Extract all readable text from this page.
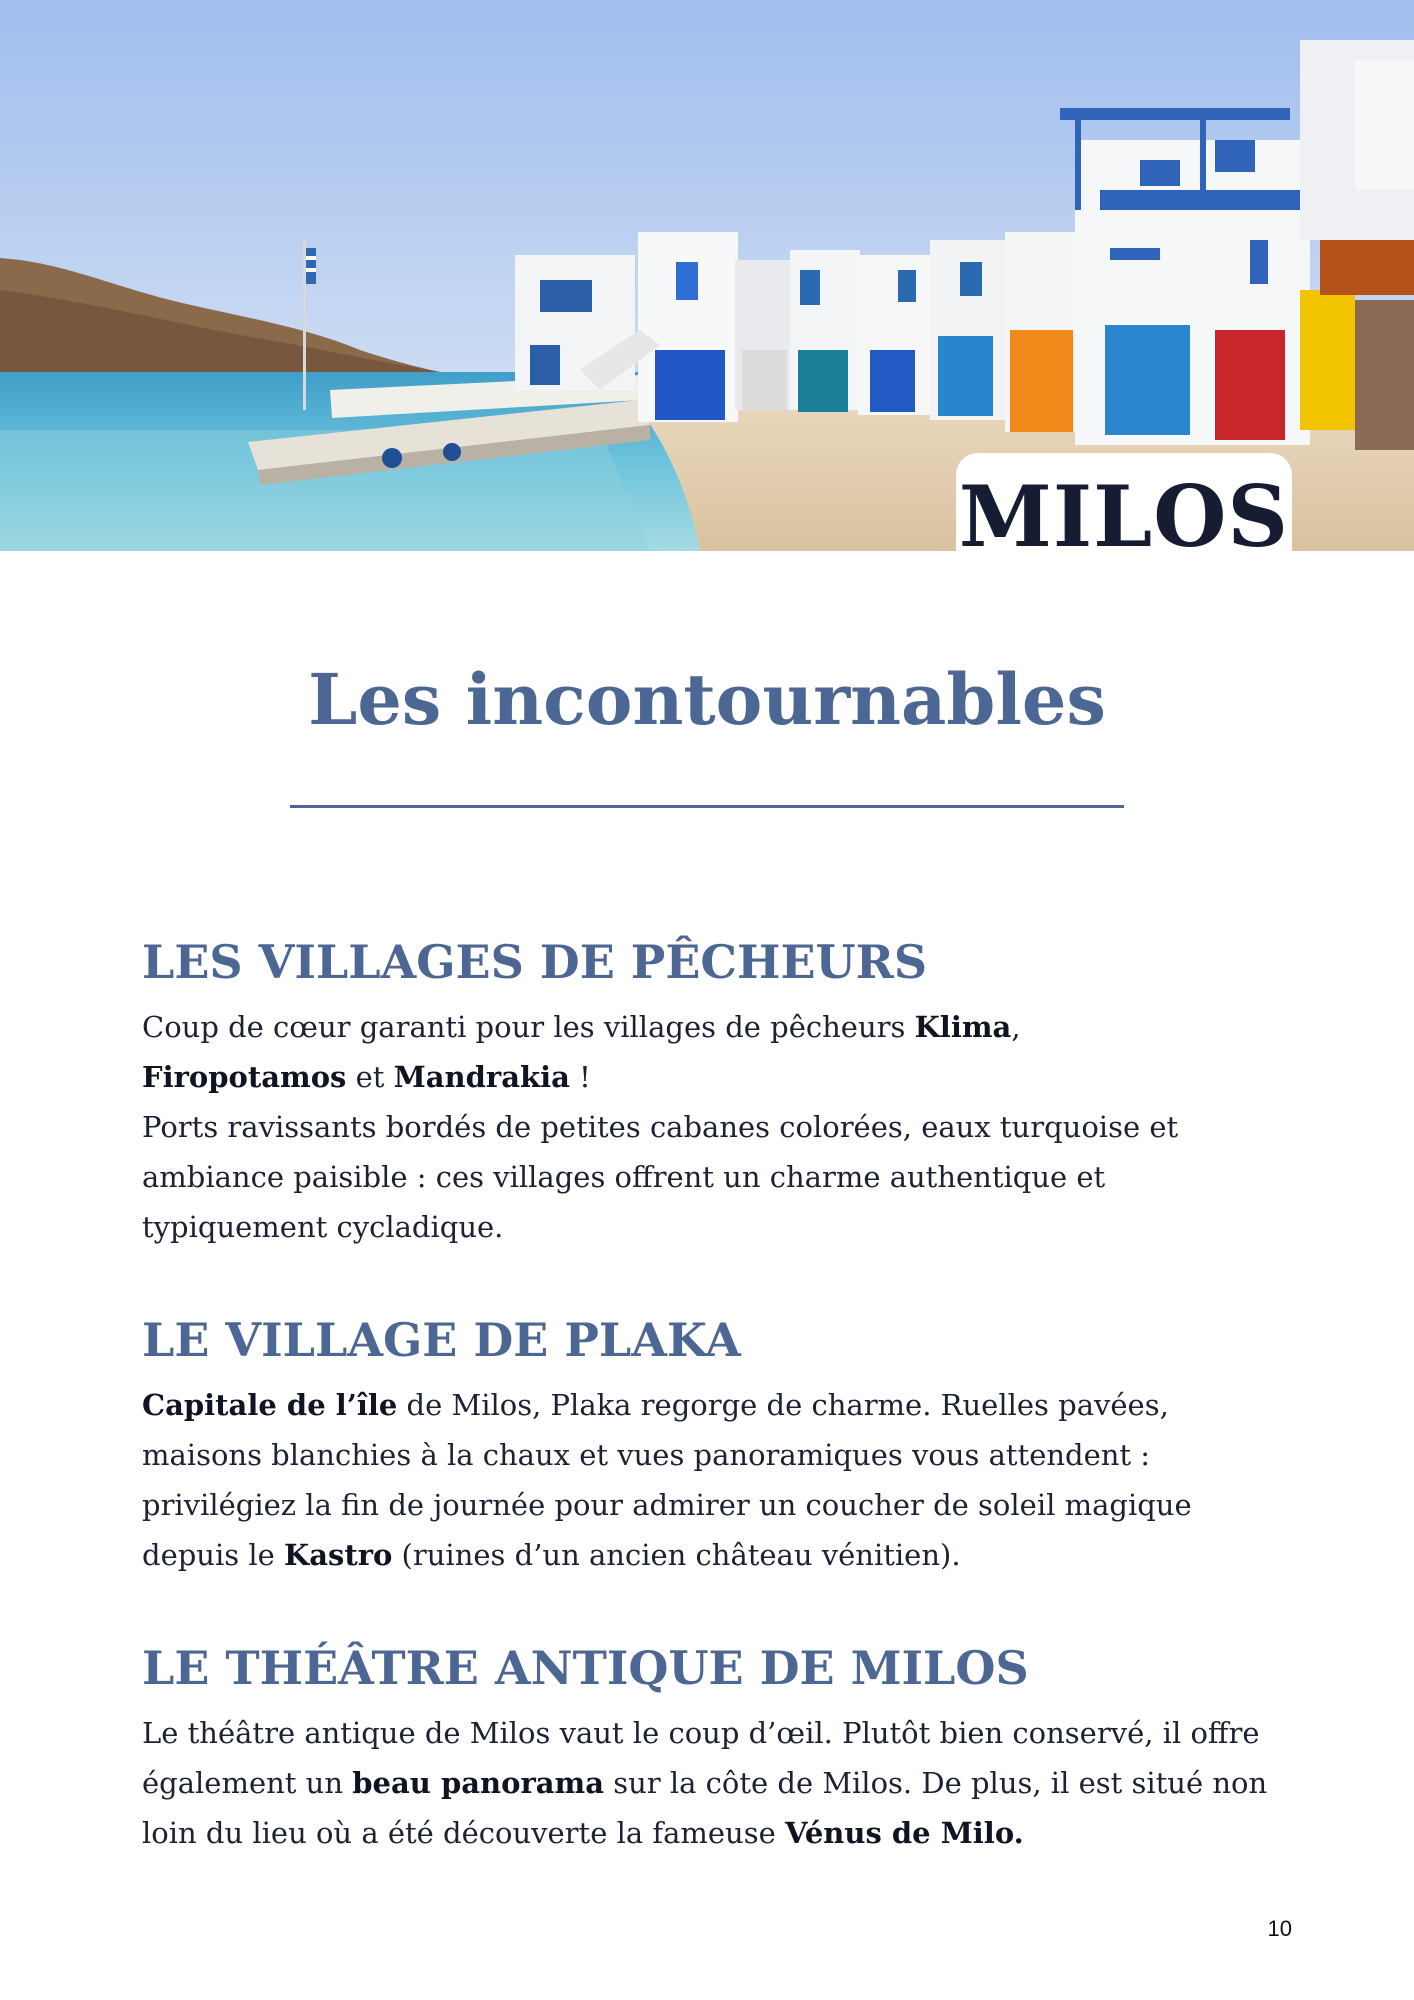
MILOS
Les incontournables
LES VILLAGES DE PÊCHEURS

Coup de cœur garanti pour les villages de pêcheurs Klima,
Firopotamos et Mandrakia !

Ports ravissants bordés de petites cabanes colorées, eaux turquoise et ambiance paisible : ces villages offrent un charme authentique et typiquement cycladique.

LE VILLAGE DE PLAKA

Capitale de l’île de Milos, Plaka regorge de charme. Ruelles pavées, maisons blanchies à la chaux et vues panoramiques vous attendent : privilégiez la fin de journée pour admirer un coucher de soleil magique depuis le Kastro (ruines d’un ancien château vénitien).

LE THÉÂTRE ANTIQUE DE MILOS

Le théâtre antique de Milos vaut le coup d’œil. Plutôt bien conservé, il offre également un beau panorama sur la côte de Milos. De plus, il est situé non loin du lieu où a été découverte la fameuse Vénus de Milo.

10
